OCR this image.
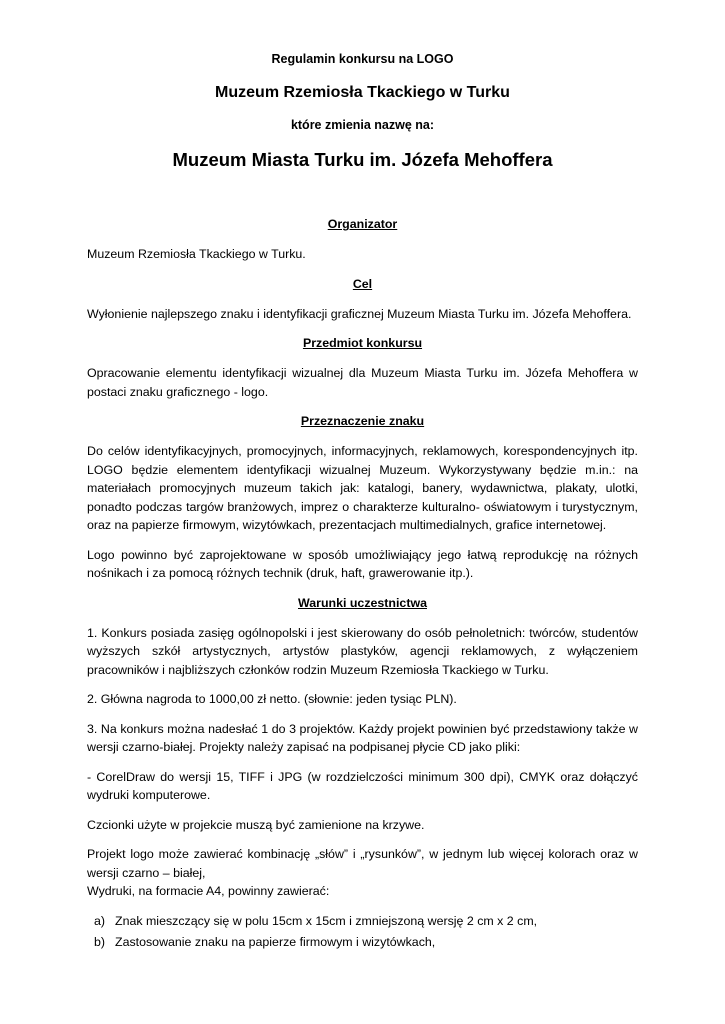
Regulamin konkursu na LOGO

Muzeum Rzemiosła Tkackiego w Turku

które zmienia nazwę na:

Muzeum Miasta Turku im. Józefa Mehoffera

Organizator

Muzeum Rzemiosła Tkackiego w Turku.

Cel

Wyłonienie najlepszego znaku i identyfikacji graficznej Muzeum Miasta Turku im. Józefa Mehoffera.

Przedmiot konkursu

Opracowanie elementu identyfikacji wizualnej dla Muzeum Miasta Turku im. Józefa Mehoffera w postaci znaku graficznego - logo.

Przeznaczenie znaku

Do celów identyfikacyjnych, promocyjnych, informacyjnych, reklamowych, korespondencyjnych itp. LOGO będzie elementem identyfikacji wizualnej Muzeum. Wykorzystywany będzie m.in.: na materiałach promocyjnych muzeum takich jak: katalogi, banery, wydawnictwa, plakaty, ulotki, ponadto podczas targów branżowych, imprez o charakterze kulturalno- oświatowym i turystycznym, oraz na papierze firmowym, wizytówkach, prezentacjach multimedialnych, grafice internetowej.

Logo powinno być zaprojektowane w sposób umożliwiający jego łatwą reprodukcję na różnych nośnikach i za pomocą różnych technik (druk, haft, grawerowanie itp.).

Warunki uczestnictwa

1. Konkurs posiada zasięg ogólnopolski i jest skierowany do osób pełnoletnich: twórców, studentów wyższych szkół artystycznych, artystów plastyków, agencji reklamowych, z wyłączeniem pracowników i najbliższych członków rodzin Muzeum Rzemiosła Tkackiego w Turku.

2. Główna nagroda to 1000,00 zł netto. (słownie: jeden tysiąc PLN).

3. Na konkurs można nadesłać 1 do 3 projektów. Każdy projekt powinien być przedstawiony także w wersji czarno-białej. Projekty należy zapisać na podpisanej płycie CD jako pliki:

- CorelDraw do wersji 15, TIFF i JPG (w rozdzielczości minimum 300 dpi), CMYK oraz dołączyć wydruki komputerowe.

Czcionki użyte w projekcie muszą być zamienione na krzywe.

Projekt logo może zawierać kombinację „słów” i „rysunków”, w jednym lub więcej kolorach oraz w wersji czarno – białej,
Wydruki, na formacie A4, powinny zawierać:

a) Znak mieszczący się w polu 15cm x 15cm i zmniejszoną wersję 2 cm x 2 cm,
b) Zastosowanie znaku na papierze firmowym i wizytówkach,
